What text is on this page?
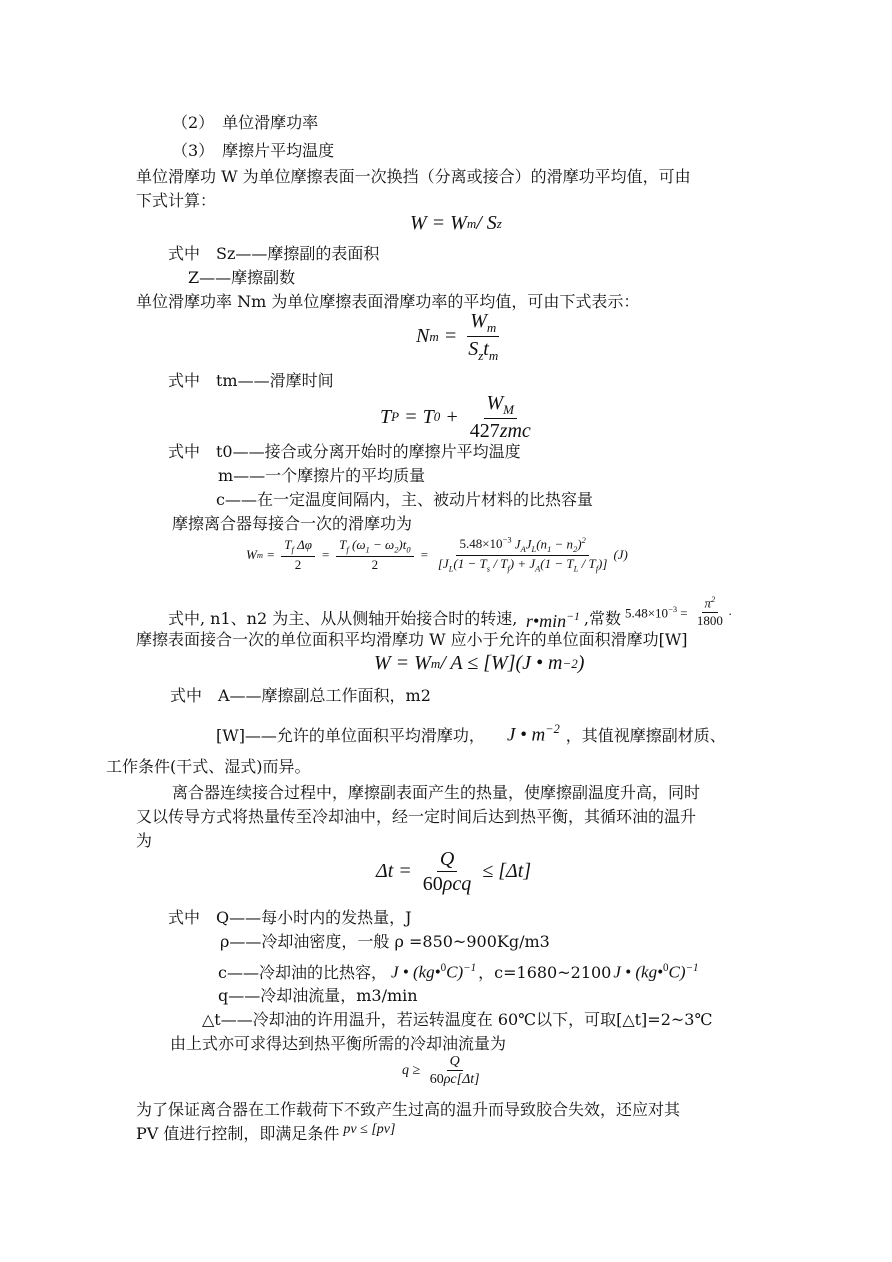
（2）　单位滑摩功率
（3）　摩擦片平均温度
单位滑摩功 W 为单位摩擦表面一次换挡（分离或接合）的滑摩功平均值，可由
下式计算：
W = W m / S z
式中　Sz——摩擦副的表面积
Z——摩擦副数
单位滑摩功率 Nm 为单位摩擦表面滑摩功率的平均值，可由下式表示：
N $m = \frac{W_m}{S_zt_m}$
式中　tm——滑摩时间
T P = T $0 + \frac{W_M}{\text{427zmc}}$
式中　t0——接合或分离开始时的摩擦片平均温度
m——一个摩擦片的平均质量
c——在一定温度间隔内，主、被动片材料的比热容量
摩擦离合器每接合一次的滑摩功为
W $m = \frac{T_f \Delta\varphi}{2} = \frac{T_f (\omega_1 - \omega_2)t_0}{2} = \frac{5.48\times 10^{-3} J_AJ_L(n_1 - n_2)^2}{[J_L(1 - T_s / T_f) + J_A(1 - T_L / T_f)]} (J)$
式中, n1、n2 为主、从从侧轴开始接合时的转速, $r•\min^{-1}$ ,常数 $5.48\times 10^{-3} = \frac{\pi^2}{1800}$ .
摩擦表面接合一次的单位面积平均滑摩功 W 应小于允许的单位面积滑摩功[W]
W = W m / A ≤ [W](J • m −2 )
式中　A——摩擦副总工作面积，m2
[W]——允许的单位面积平均滑摩功， J • $m^{-2}$ ，其值视摩擦副材质、
工作条件(干式、湿式)而异。
离合器连续接合过程中，摩擦副表面产生的热量，使摩擦副温度升高，同时
又以传导方式将热量传至冷却油中，经一定时间后达到热平衡，其循环油的温升
为
$\Delta t = \frac{Q}{\text{60ρcq}} \le [\Delta t]$
式中　Q——每小时内的发热量，J
ρ——冷却油密度，一般 ρ =850~900Kg/m3
c——冷却油的比热容， J • (kg•$^0$C)$^{-1}$ ，c=1680~2100 J • (kg•$^0$C)$^{-1}$
q——冷却油流量，m3/min
△t——冷却油的许用温升，若运转温度在 60℃以下，可取[△t]=2~3℃
由上式亦可求得达到热平衡所需的冷却油流量为
$q \ge \frac{Q}{60\rho c[\Delta t]}$
为了保证离合器在工作载荷下不致产生过高的温升而导致胶合失效，还应对其
PV 值进行控制，即满足条件 pv ≤ [pv]
